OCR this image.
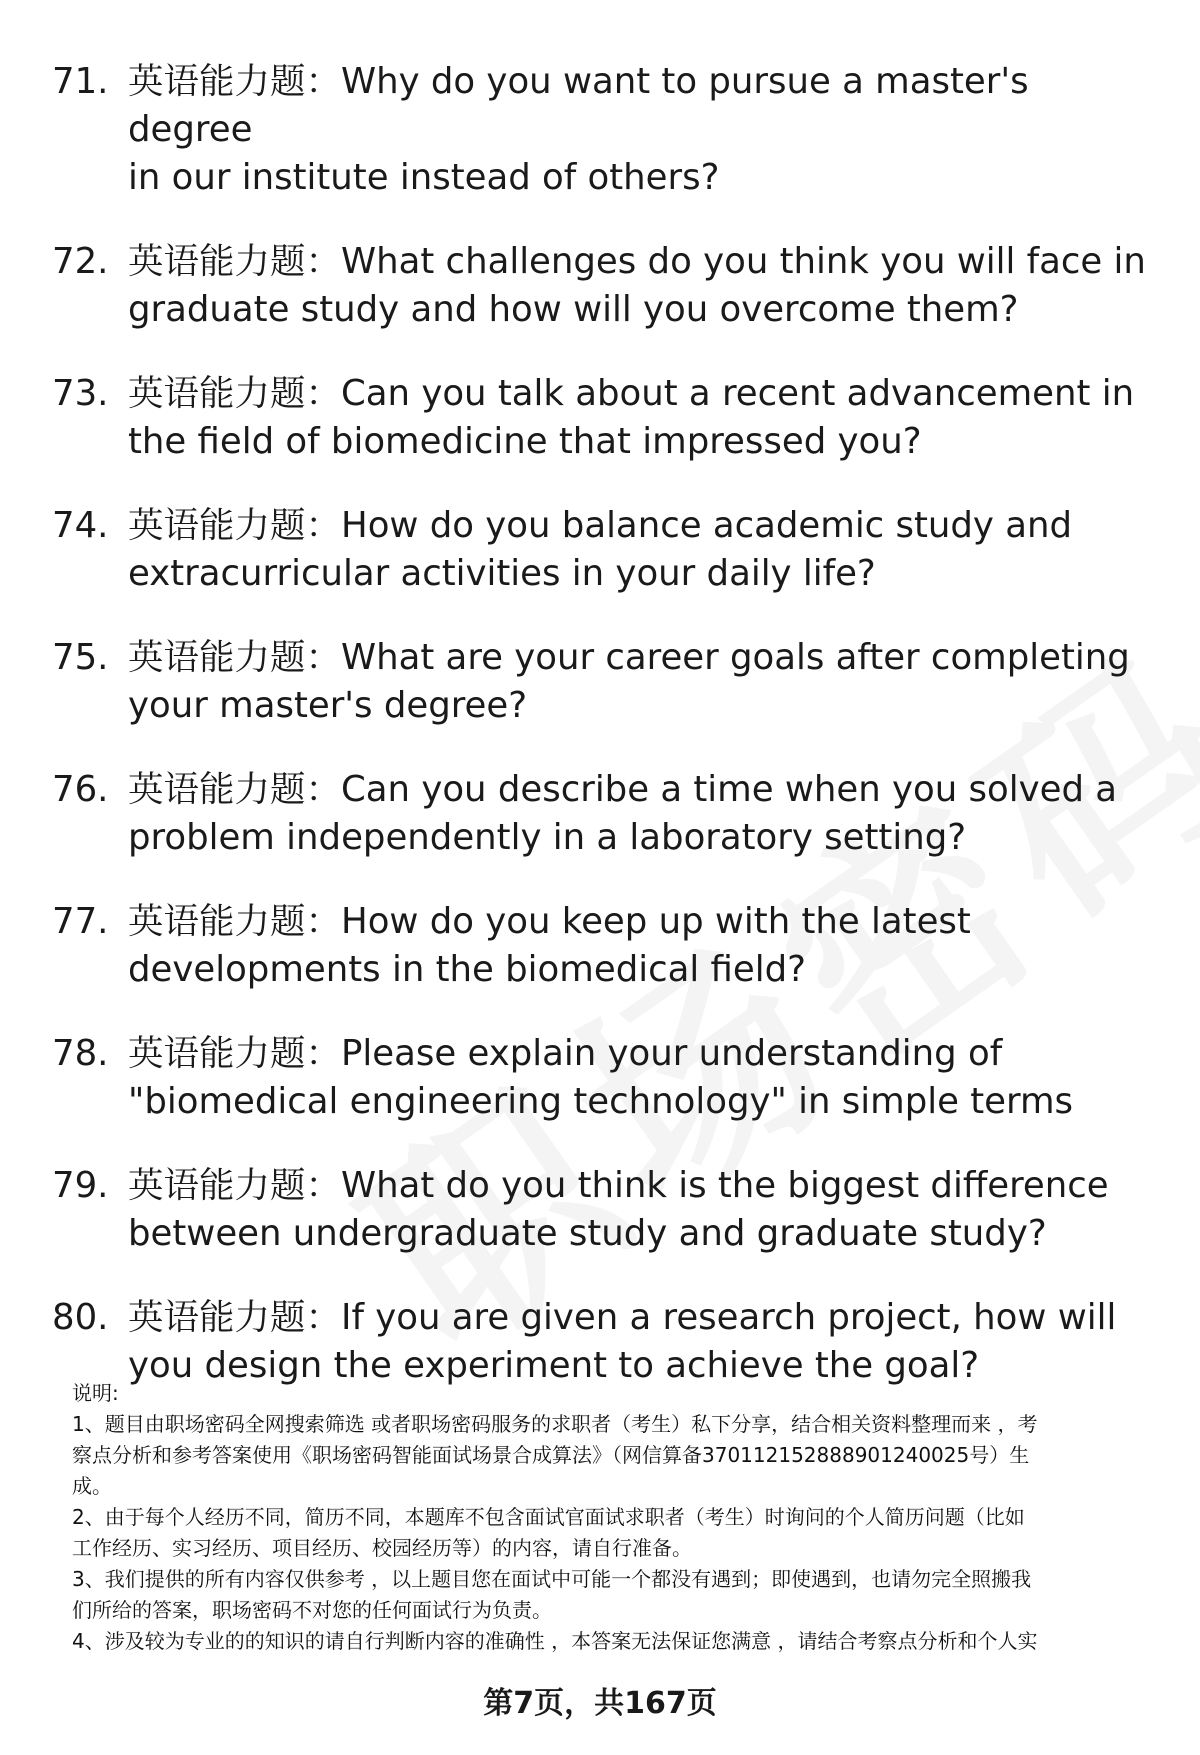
71. 英语能力题：Why do you want to pursue a master's degree
in our institute instead of others?
72. 英语能力题：What challenges do you think you will face in
graduate study and how will you overcome them?
73. 英语能力题：Can you talk about a recent advancement in
the field of biomedicine that impressed you?
74. 英语能力题：How do you balance academic study and
extracurricular activities in your daily life?
75. 英语能力题：What are your career goals after completing
your master's degree?
76. 英语能力题：Can you describe a time when you solved a
problem independently in a laboratory setting?
77. 英语能力题：How do you keep up with the latest
developments in the biomedical field?
78. 英语能力题：Please explain your understanding of
"biomedical engineering technology" in simple terms
79. 英语能力题：What do you think is the biggest difference
between undergraduate study and graduate study?
80. 英语能力题：If you are given a research project, how will
you design the experiment to achieve the goal?

说明:

1、题目由职场密码全网搜索筛选 或者职场密码服务的求职者（考生）私下分享，结合相关资料整理而来 ，考

察点分析和参考答案使用《职场密码智能面试场景合成算法》（网信算备370112152888901240025号）生

成。

2、由于每个人经历不同，简历不同，本题库不包含面试官面试求职者（考生）时询问的个人简历问题（比如

工作经历、实习经历、项目经历、校园经历等）的内容，请自行准备。

3、我们提供的所有内容仅供参考 ，以上题目您在面试中可能一个都没有遇到；即使遇到，也请勿完全照搬我

们所给的答案，职场密码不对您的任何面试行为负责。

4、涉及较为专业的的知识的请自行判断内容的准确性 ，本答案无法保证您满意 ，请结合考察点分析和个人实

第7页，共167页
